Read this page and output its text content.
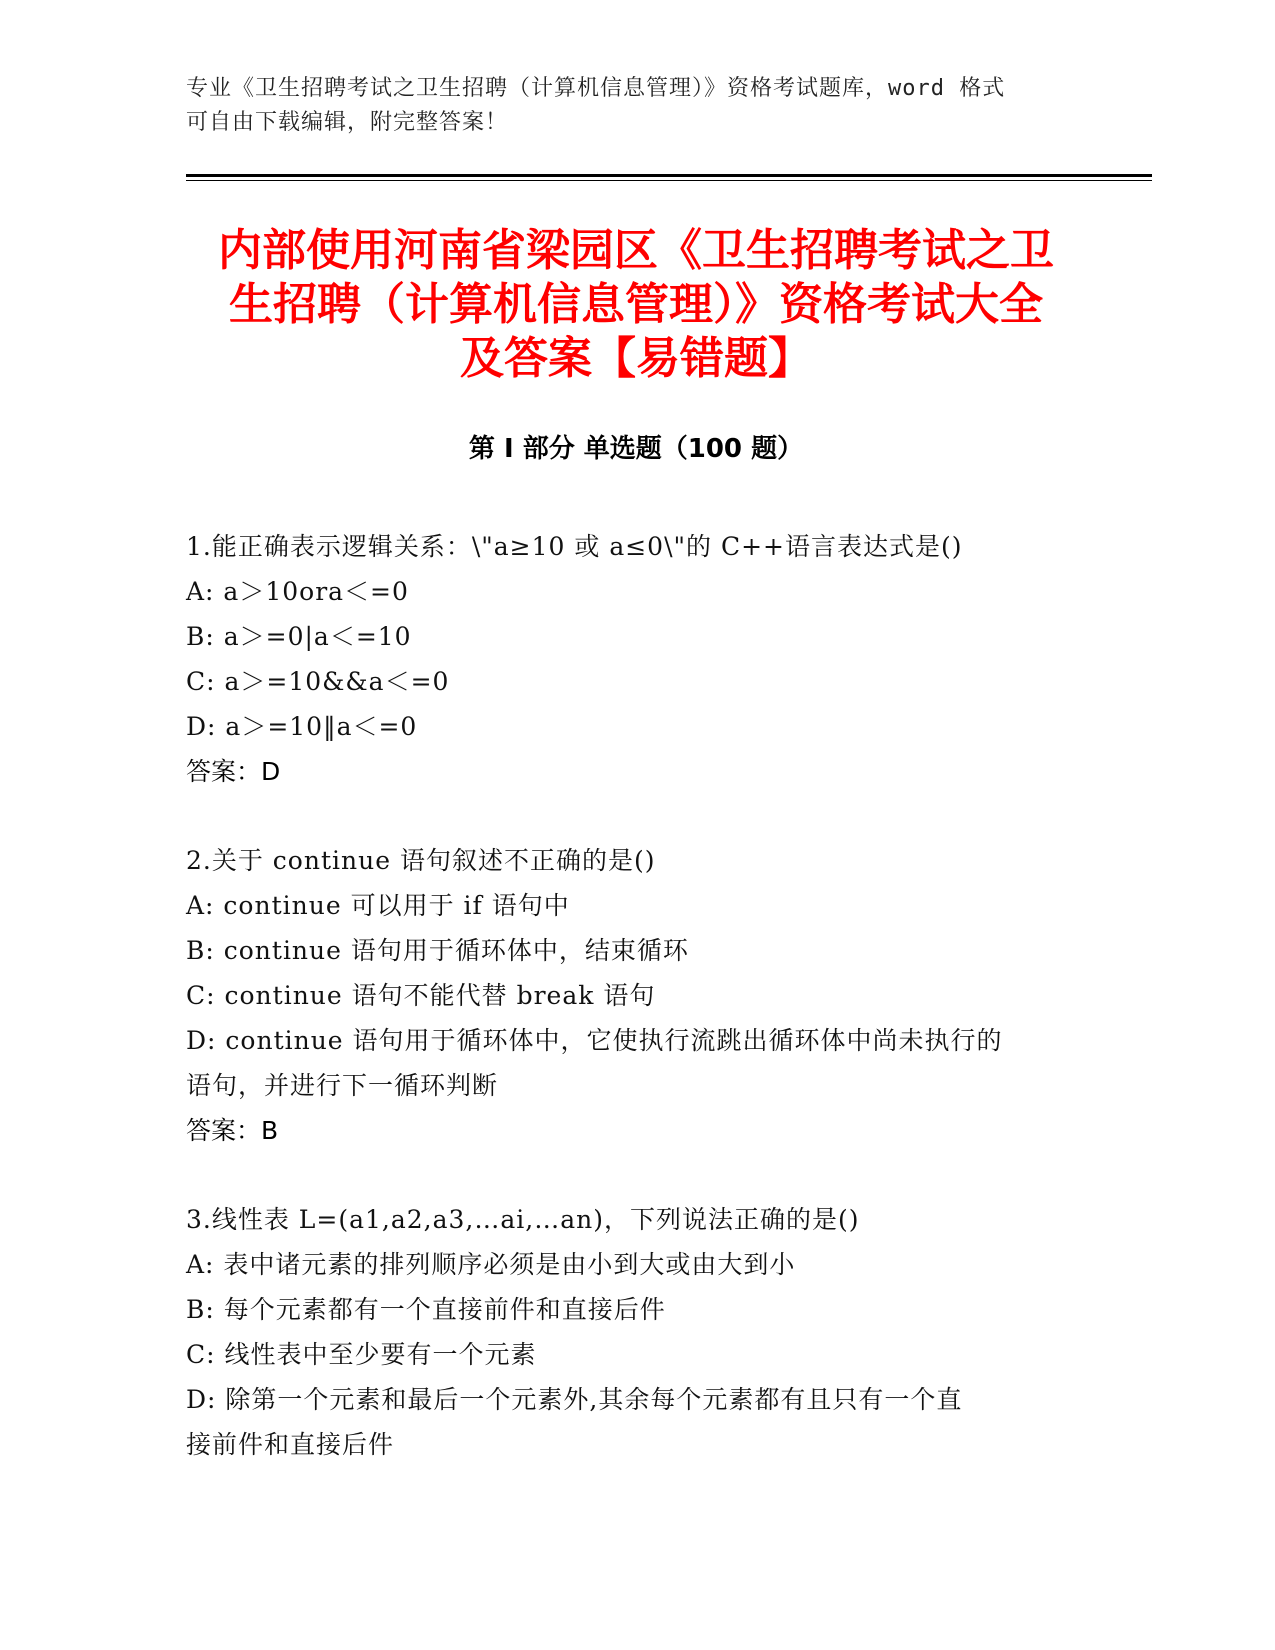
专业《卫生招聘考试之卫生招聘（计算机信息管理）》资格考试题库，word 格式
可自由下载编辑，附完整答案！
内部使用河南省梁园区《卫生招聘考试之卫
生招聘（计算机信息管理）》资格考试大全
及答案【易错题】
第 I 部分 单选题（100 题）

1.能正确表示逻辑关系：\"a≥10 或 a≤0\"的 C++语言表达式是()

A: a＞10ora＜=0

B: a＞=0|a＜=10

C: a＞=10&&a＜=0

D: a＞=10‖a＜=0

答案：D

2.关于 continue 语句叙述不正确的是()

A: continue 可以用于 if 语句中

B: continue 语句用于循环体中，结束循环

C: continue 语句不能代替 break 语句

D: continue 语句用于循环体中，它使执行流跳出循环体中尚未执行的

语句，并进行下一循环判断

答案：B

3.线性表 L=(a1,a2,a3,…ai,…an)，下列说法正确的是()

A: 表中诸元素的排列顺序必须是由小到大或由大到小

B: 每个元素都有一个直接前件和直接后件

C: 线性表中至少要有一个元素

D: 除第一个元素和最后一个元素外,其余每个元素都有且只有一个直

接前件和直接后件
